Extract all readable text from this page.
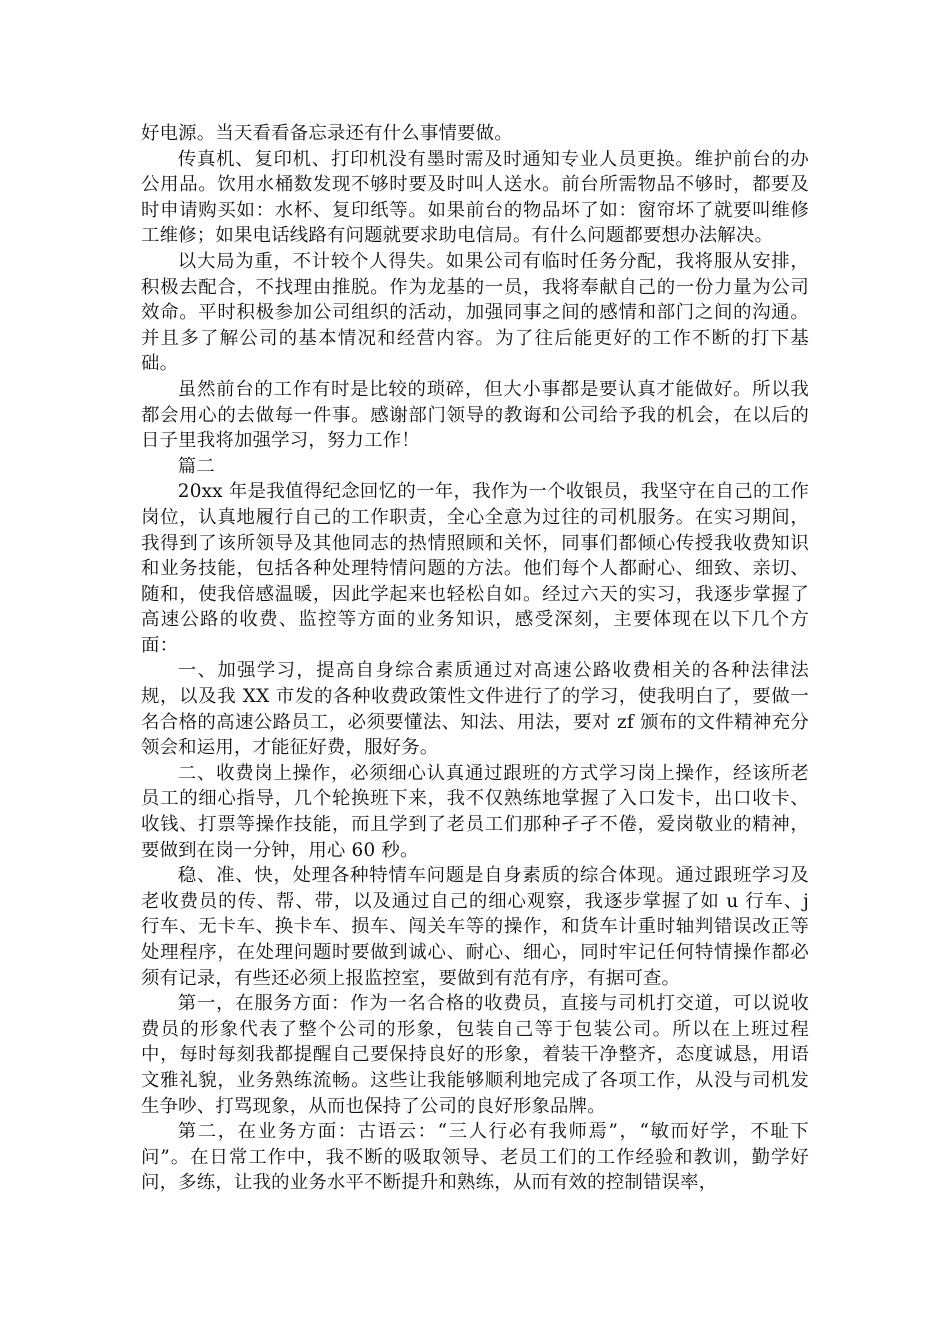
好电源。当天看看备忘录还有什么事情要做。

传真机、复印机、打印机没有墨时需及时通知专业人员更换。维护前台的办公用品。饮用水桶数发现不够时要及时叫人送水。前台所需物品不够时，都要及时申请购买如：水杯、复印纸等。如果前台的物品坏了如：窗帘坏了就要叫维修工维修；如果电话线路有问题就要求助电信局。有什么问题都要想办法解决。

以大局为重，不计较个人得失。如果公司有临时任务分配，我将服从安排，积极去配合，不找理由推脱。作为龙基的一员，我将奉献自己的一份力量为公司效命。平时积极参加公司组织的活动，加强同事之间的感情和部门之间的沟通。并且多了解公司的基本情况和经营内容。为了往后能更好的工作不断的打下基础。

虽然前台的工作有时是比较的琐碎，但大小事都是要认真才能做好。所以我都会用心的去做每一件事。感谢部门领导的教诲和公司给予我的机会，在以后的日子里我将加强学习，努力工作！

篇二

20xx 年是我值得纪念回忆的一年，我作为一个收银员，我坚守在自己的工作岗位，认真地履行自己的工作职责，全心全意为过往的司机服务。在实习期间，我得到了该所领导及其他同志的热情照顾和关怀，同事们都倾心传授我收费知识和业务技能，包括各种处理特情问题的方法。他们每个人都耐心、细致、亲切、随和，使我倍感温暖，因此学起来也轻松自如。经过六天的实习，我逐步掌握了高速公路的收费、监控等方面的业务知识，感受深刻，主要体现在以下几个方面：

一、加强学习，提高自身综合素质通过对高速公路收费相关的各种法律法规，以及我 XX 市发的各种收费政策性文件进行了的学习，使我明白了，要做一名合格的高速公路员工，必须要懂法、知法、用法，要对 zf 颁布的文件精神充分领会和运用，才能征好费，服好务。

二、收费岗上操作，必须细心认真通过跟班的方式学习岗上操作，经该所老员工的细心指导，几个轮换班下来，我不仅熟练地掌握了入口发卡，出口收卡、收钱、打票等操作技能，而且学到了老员工们那种孑孑不倦，爱岗敬业的精神，要做到在岗一分钟，用心 60 秒。

稳、准、快，处理各种特情车问题是自身素质的综合体现。通过跟班学习及老收费员的传、帮、带，以及通过自己的细心观察，我逐步掌握了如 u 行车、j 行车、无卡车、换卡车、损车、闯关车等的操作，和货车计重时轴判错误改正等处理程序，在处理问题时要做到诚心、耐心、细心，同时牢记任何特情操作都必须有记录，有些还必须上报监控室，要做到有范有序，有据可查。

第一，在服务方面：作为一名合格的收费员，直接与司机打交道，可以说收费员的形象代表了整个公司的形象，包装自己等于包装公司。所以在上班过程中，每时每刻我都提醒自己要保持良好的形象，着装干净整齐，态度诚恳，用语文雅礼貌，业务熟练流畅。这些让我能够顺利地完成了各项工作，从没与司机发生争吵、打骂现象，从而也保持了公司的良好形象品牌。

第二，在业务方面：古语云：“三人行必有我师焉”，“敏而好学，不耻下问”。在日常工作中，我不断的吸取领导、老员工们的工作经验和教训，勤学好问，多练，让我的业务水平不断提升和熟练，从而有效的控制错误率，
